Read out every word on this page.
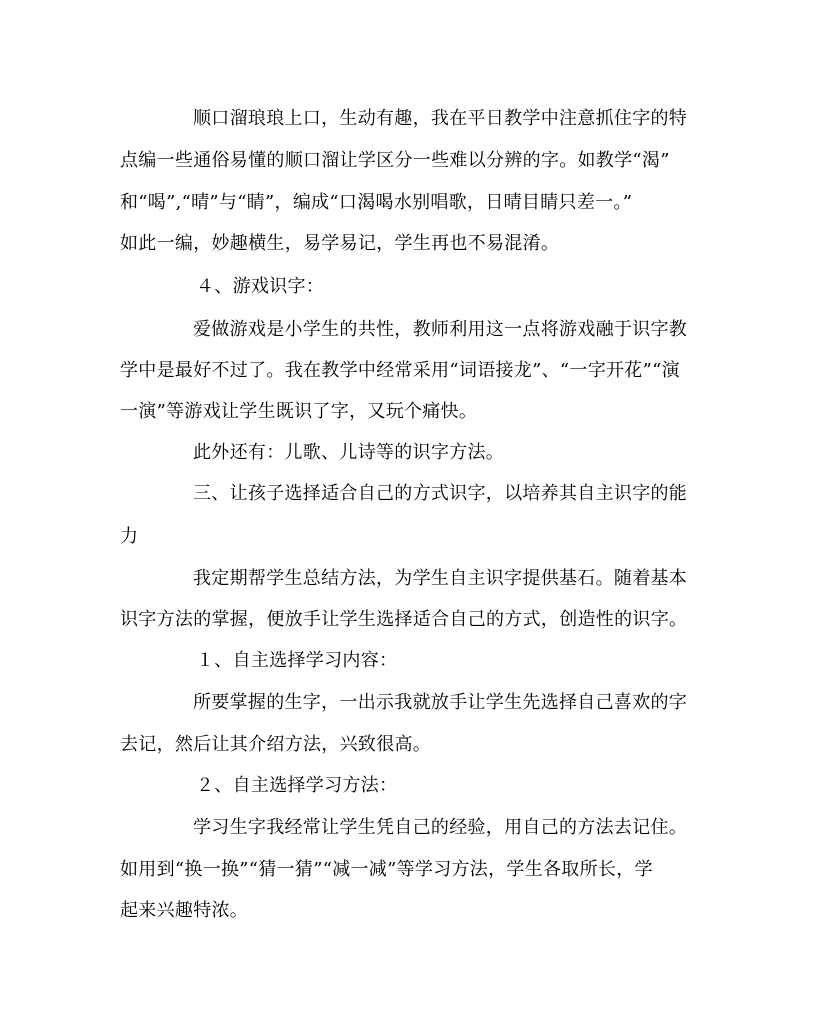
顺口溜琅琅上口，生动有趣，我在平日教学中注意抓住字的特
点编一些通俗易懂的顺口溜让学区分一些难以分辨的字。如教学“渴”
和“喝”,“晴”与“睛”，编成“口渴喝水别唱歌，日晴目睛只差一。”
如此一编，妙趣横生，易学易记，学生再也不易混淆。
４、游戏识字：
爱做游戏是小学生的共性，教师利用这一点将游戏融于识字教
学中是最好不过了。我在教学中经常采用“词语接龙”、“一字开花”“演
一演”等游戏让学生既识了字，又玩个痛快。
此外还有：儿歌、儿诗等的识字方法。
三、让孩子选择适合自己的方式识字，以培养其自主识字的能
力
我定期帮学生总结方法，为学生自主识字提供基石。随着基本
识字方法的掌握，便放手让学生选择适合自己的方式，创造性的识字。
１、自主选择学习内容：
所要掌握的生字，一出示我就放手让学生先选择自己喜欢的字
去记，然后让其介绍方法，兴致很高。
２、自主选择学习方法：
学习生字我经常让学生凭自己的经验，用自己的方法去记住。
如用到“换一换”“猜一猜”“减一减”等学习方法，学生各取所长，学
起来兴趣特浓。
